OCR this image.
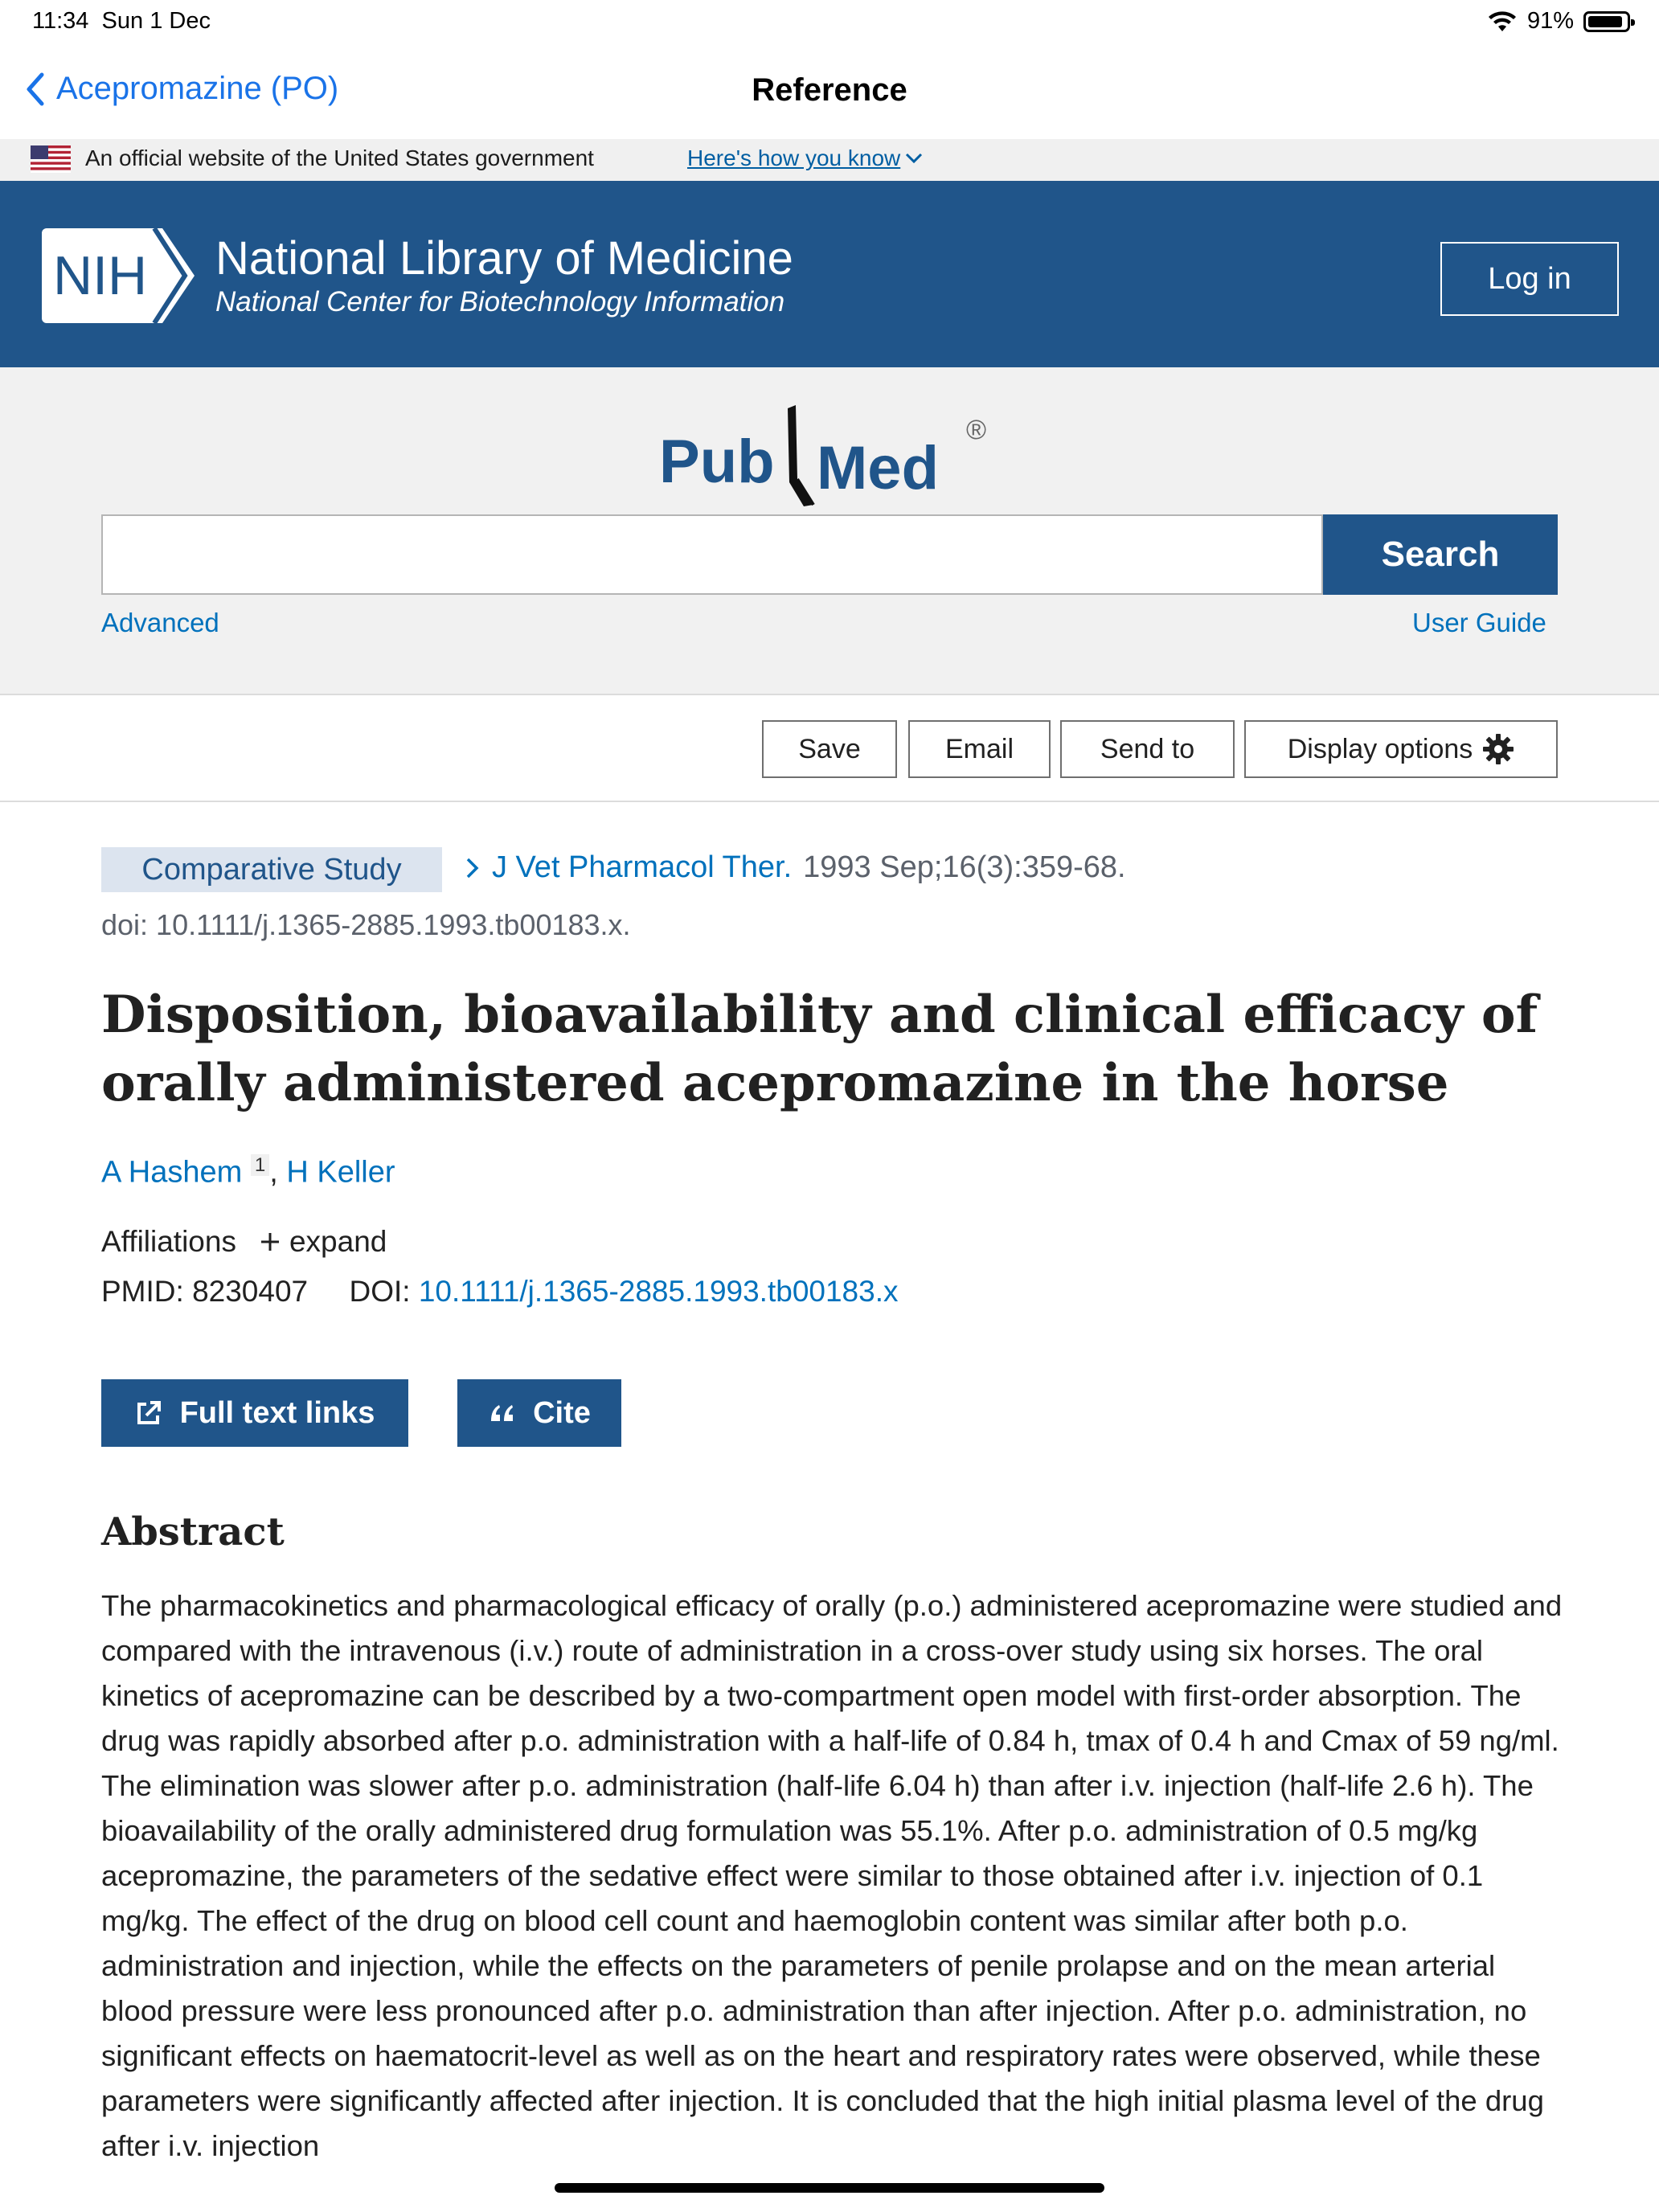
11:34 Sun 1 Dec	91%
Acepromazine (PO)	Reference
An official website of the United States government	Here's how you know
NIH National Library of Medicine
National Center for Biotechnology Information
Log in
Pub Med
®
Search
Advanced	User Guide
Save	Email	Send to	Display options
Comparative Study	J Vet Pharmacol Ther. 1993 Sep;16(3):359-68.
doi: 10.1111/j.1365-2885.1993.tb00183.x.
Disposition, bioavailability and clinical efficacy of orally administered acepromazine in the horse
A Hashem $^1$ , H Keller
Affiliations expand
PMID: 8230407 DOI: 10.1111/j.1365-2885.1993.tb00183.x
Full text links	Cite
Abstract

The pharmacokinetics and pharmacological efficacy of orally (p.o.) administered acepromazine were studied and compared with the intravenous (i.v.) route of administration in a cross-over study using six horses. The oral kinetics of acepromazine can be described by a two-compartment open model with first-order absorption. The drug was rapidly absorbed after p.o. administration with a half-life of 0.84 h, tmax of 0.4 h and Cmax of 59 ng/ml. The elimination was slower after p.o. administration (half-life 6.04 h) than after i.v. injection (half-life 2.6 h). The bioavailability of the orally administered drug formulation was 55.1%. After p.o. administration of 0.5 mg/kg acepromazine, the parameters of the sedative effect were similar to those obtained after i.v. injection of 0.1 mg/kg. The effect of the drug on blood cell count and haemoglobin content was similar after both p.o. administration and injection, while the effects on the parameters of penile prolapse and on the mean arterial blood pressure were less pronounced after p.o. administration than after injection. After p.o. administration, no significant effects on haematocrit-level as well as on the heart and respiratory rates were observed, while these parameters were significantly affected after injection. It is concluded that the high initial plasma level of the drug after i.v. injection
